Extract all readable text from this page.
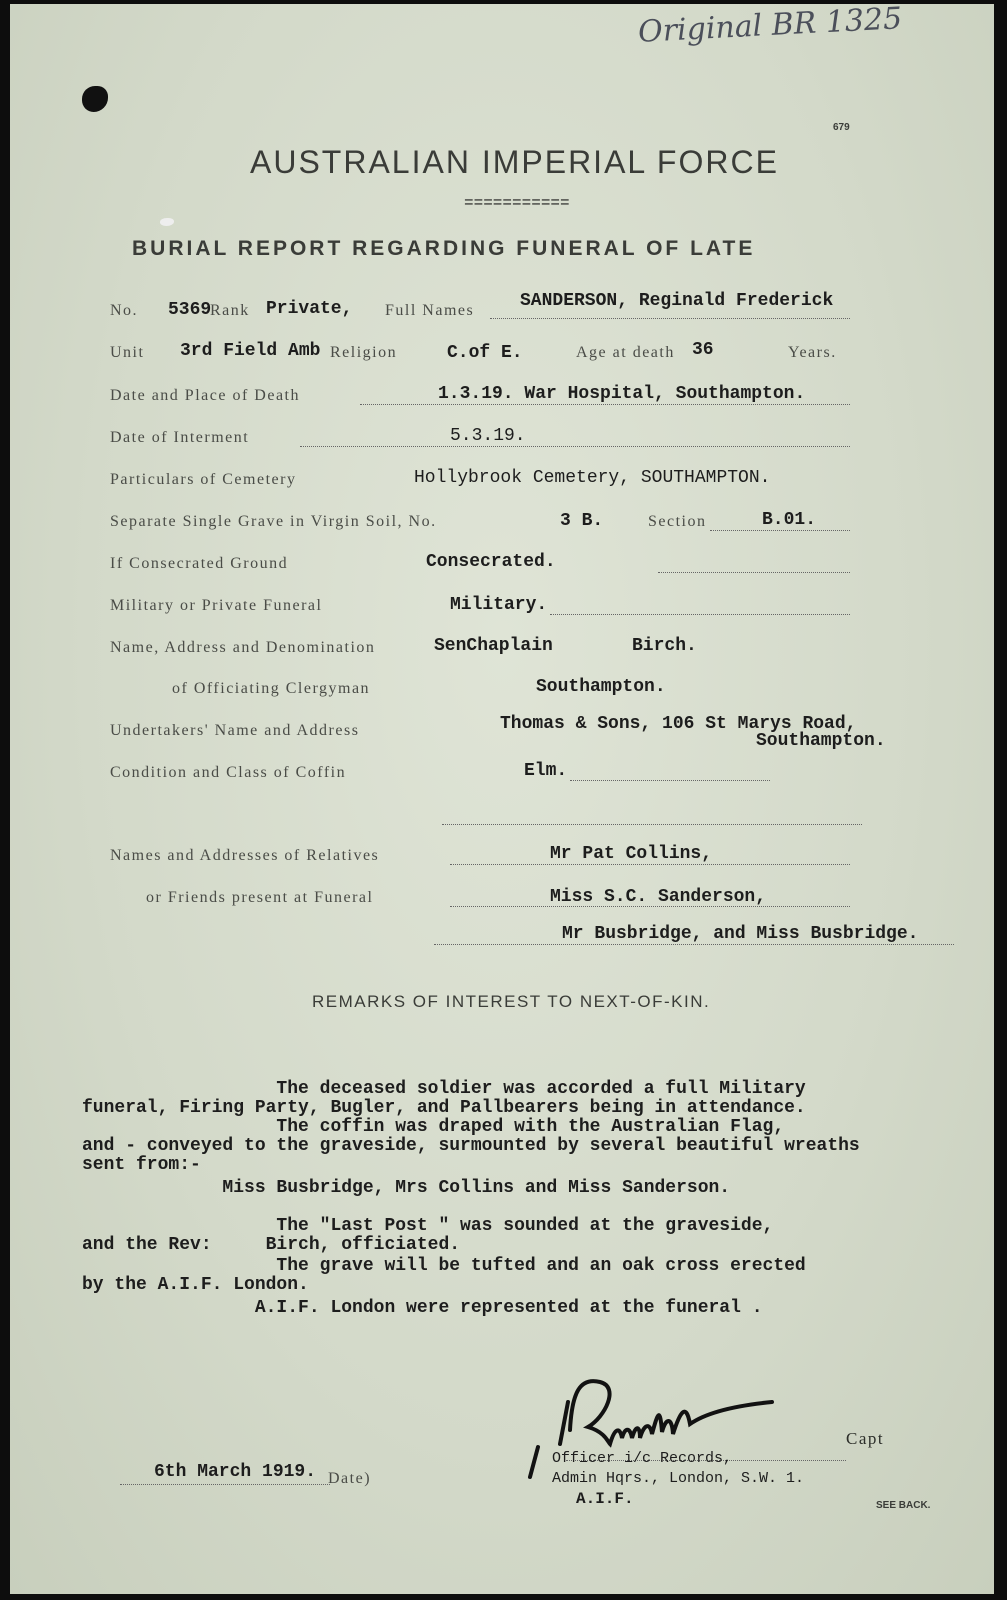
Original BR 1325
679
AUSTRALIAN IMPERIAL FORCE
===========
BURIAL REPORT REGARDING FUNERAL OF LATE
No. 5369
Rank Private, Full Names	SANDERSON, Reginald Frederick
Unit 3rd Field Amb Religion	C.of E.	Age at death 36	Years.
Date and Place of Death	1.3.19. War Hospital, Southampton.
Date of Interment	5.3.19.
Particulars of Cemetery	Hollybrook Cemetery, SOUTHAMPTON.
Separate Single Grave in Virgin Soil, No.	3 B.	Section	B.01.
If Consecrated Ground	Consecrated.
Military or Private Funeral	Military.
Name, Address and Denomination	SenChaplain	Birch.
of Officiating Clergyman	Southampton.
Undertakers' Name and Address	Thomas & Sons, 106 St Marys Road,
Southampton.
Condition and Class of Coffin	Elm.
Names and Addresses of Relatives	Mr Pat Collins,
or Friends present at Funeral	Miss S.C. Sanderson,
Mr Busbridge, and Miss Busbridge.
REMARKS OF INTEREST TO NEXT-OF-KIN.
The deceased soldier was accorded a full Military
funeral, Firing Party, Bugler, and Pallbearers being in attendance.
The coffin was draped with the Australian Flag,
and - conveyed to the graveside, surmounted by several beautiful wreaths
sent from:-
Miss Busbridge, Mrs Collins and Miss Sanderson.
The "Last Post " was sounded at the graveside,
and the Rev:     Birch, officiated.
The grave will be tufted and an oak cross erected
by the A.I.F. London.
A.I.F. London were represented at the funeral .
6th March 1919. Date)
Capt
Officer i/c Records,
Admin Hqrs., London, S.W. 1.
A.I.F.	SEE BACK.
